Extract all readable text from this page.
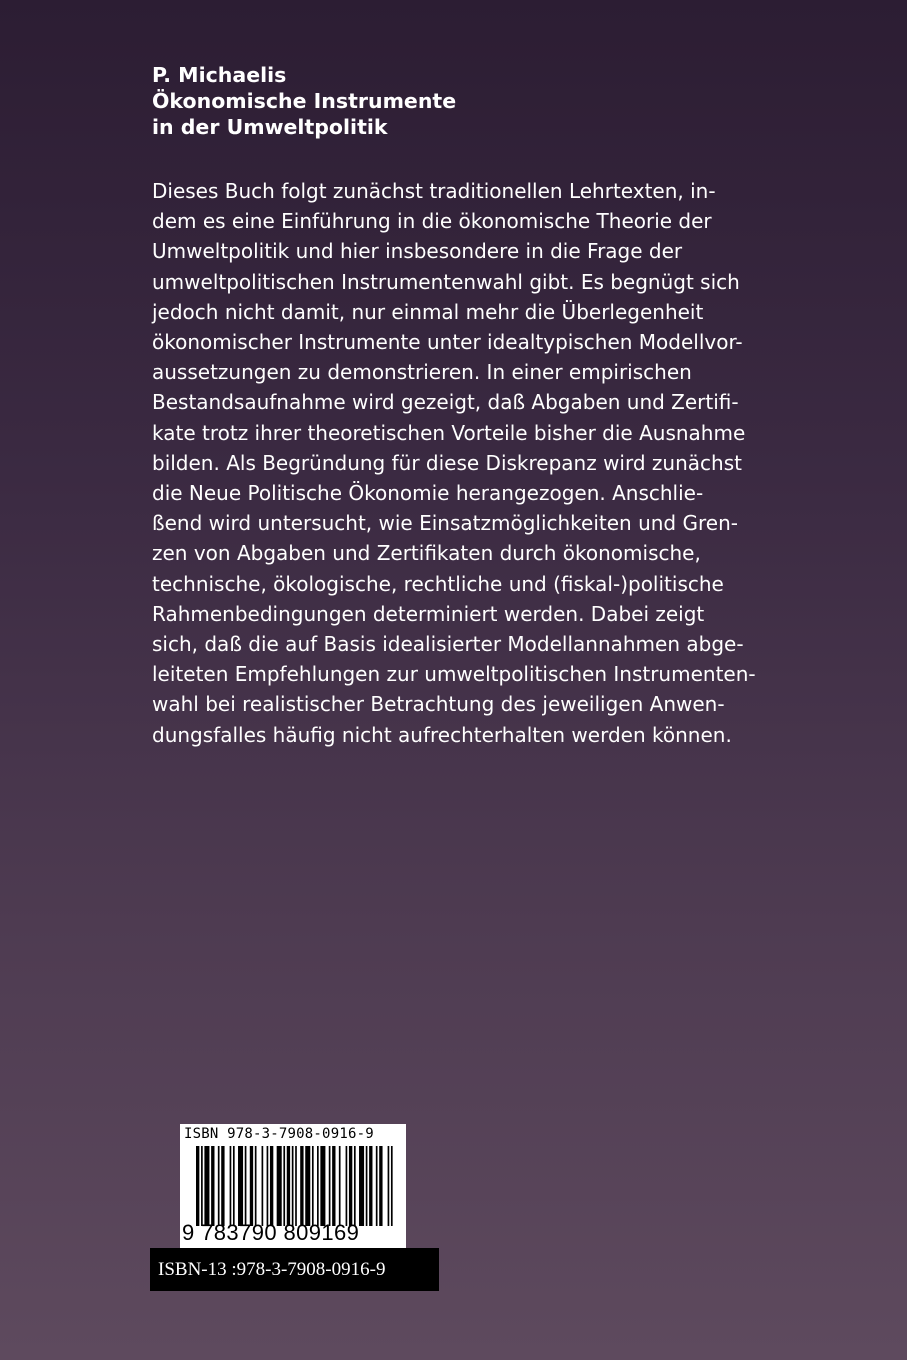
P. Michaelis
Ökonomische Instrumente
in der Umweltpolitik
Dieses Buch folgt zunächst traditionellen Lehrtexten, in-
dem es eine Einführung in die ökonomische Theorie der
Umweltpolitik und hier insbesondere in die Frage der
umweltpolitischen Instrumentenwahl gibt. Es begnügt sich
jedoch nicht damit, nur einmal mehr die Überlegenheit
ökonomischer Instrumente unter idealtypischen Modellvor-
aussetzungen zu demonstrieren. In einer empirischen
Bestandsaufnahme wird gezeigt, daß Abgaben und Zertifi-
kate trotz ihrer theoretischen Vorteile bisher die Ausnahme
bilden. Als Begründung für diese Diskrepanz wird zunächst
die Neue Politische Ökonomie herangezogen. Anschlie-
ßend wird untersucht, wie Einsatzmöglichkeiten und Gren-
zen von Abgaben und Zertifikaten durch ökonomische,
technische, ökologische, rechtliche und (fiskal-)politische
Rahmenbedingungen determiniert werden. Dabei zeigt
sich, daß die auf Basis idealisierter Modellannahmen abge-
leiteten Empfehlungen zur umweltpolitischen Instrumenten-
wahl bei realistischer Betrachtung des jeweiligen Anwen-
dungsfalles häufig nicht aufrechterhalten werden können.
ISBN 978-3-7908-0916-9
9 783790 809169
ISBN-13 :978-3-7908-0916-9
